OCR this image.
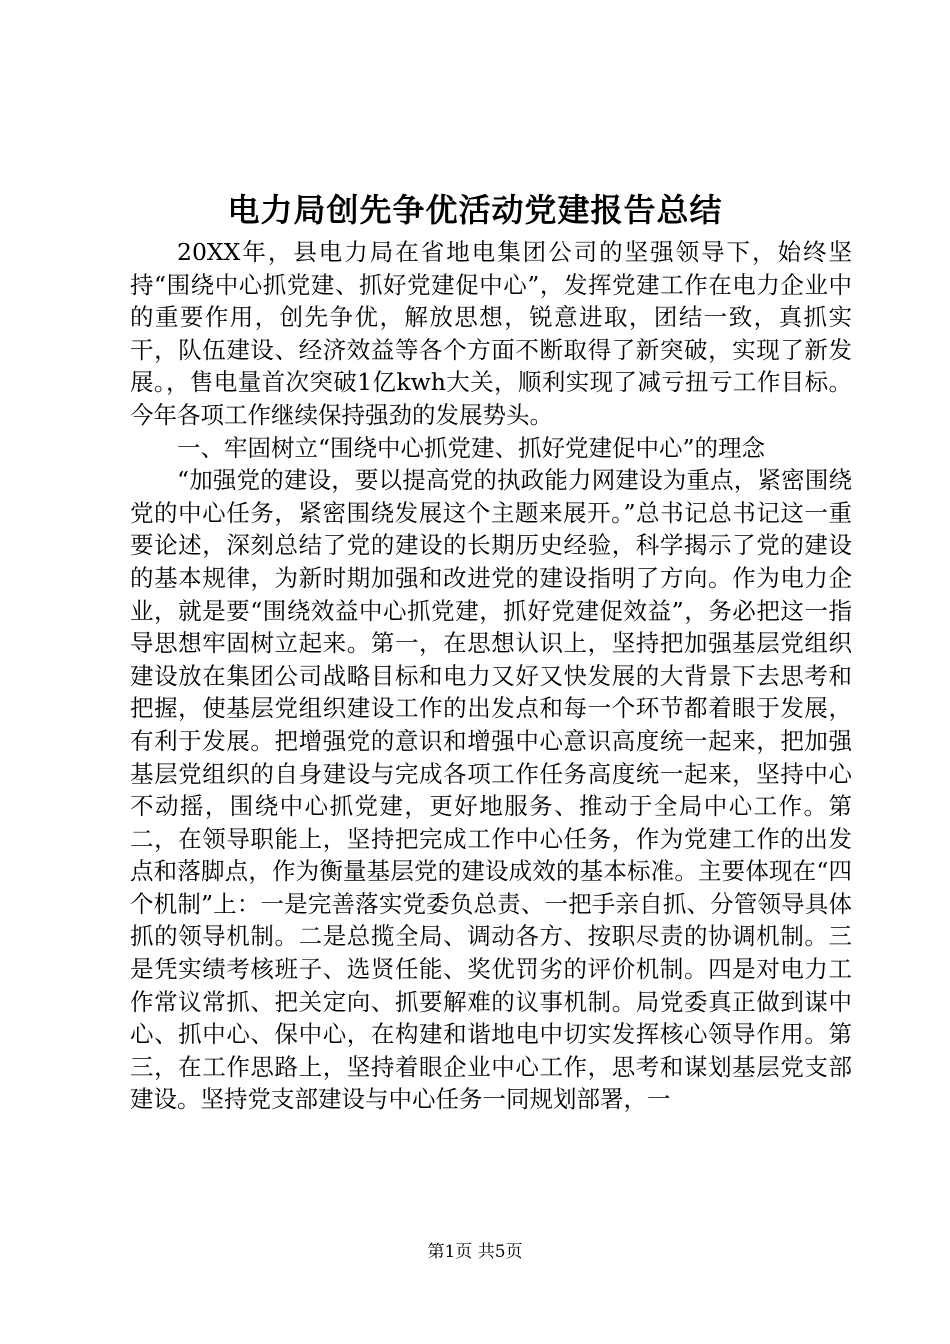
电力局创先争优活动党建报告总结

20XX年，县电力局在省地电集团公司的坚强领导下，始终坚持“围绕中心抓党建、抓好党建促中心”，发挥党建工作在电力企业中的重要作用，创先争优，解放思想，锐意进取，团结一致，真抓实干，队伍建设、经济效益等各个方面不断取得了新突破，实现了新发展。，售电量首次突破1亿kwh大关，顺利实现了减亏扭亏工作目标。今年各项工作继续保持强劲的发展势头。

一、牢固树立“围绕中心抓党建、抓好党建促中心”的理念

“加强党的建设，要以提高党的执政能力网建设为重点，紧密围绕党的中心任务，紧密围绕发展这个主题来展开。”总书记总书记这一重要论述，深刻总结了党的建设的长期历史经验，科学揭示了党的建设的基本规律，为新时期加强和改进党的建设指明了方向。作为电力企业，就是要“围绕效益中心抓党建，抓好党建促效益”，务必把这一指导思想牢固树立起来。第一，在思想认识上，坚持把加强基层党组织建设放在集团公司战略目标和电力又好又快发展的大背景下去思考和把握，使基层党组织建设工作的出发点和每一个环节都着眼于发展，有利于发展。把增强党的意识和增强中心意识高度统一起来，把加强基层党组织的自身建设与完成各项工作任务高度统一起来，坚持中心不动摇，围绕中心抓党建，更好地服务、推动于全局中心工作。第二，在领导职能上，坚持把完成工作中心任务，作为党建工作的出发点和落脚点，作为衡量基层党的建设成效的基本标准。主要体现在“四个机制”上：一是完善落实党委负总责、一把手亲自抓、分管领导具体抓的领导机制。二是总揽全局、调动各方、按职尽责的协调机制。三是凭实绩考核班子、选贤任能、奖优罚劣的评价机制。四是对电力工作常议常抓、把关定向、抓要解难的议事机制。局党委真正做到谋中心、抓中心、保中心，在构建和谐地电中切实发挥核心领导作用。第三，在工作思路上，坚持着眼企业中心工作，思考和谋划基层党支部建设。坚持党支部建设与中心任务一同规划部署，一

第1页 共5页
